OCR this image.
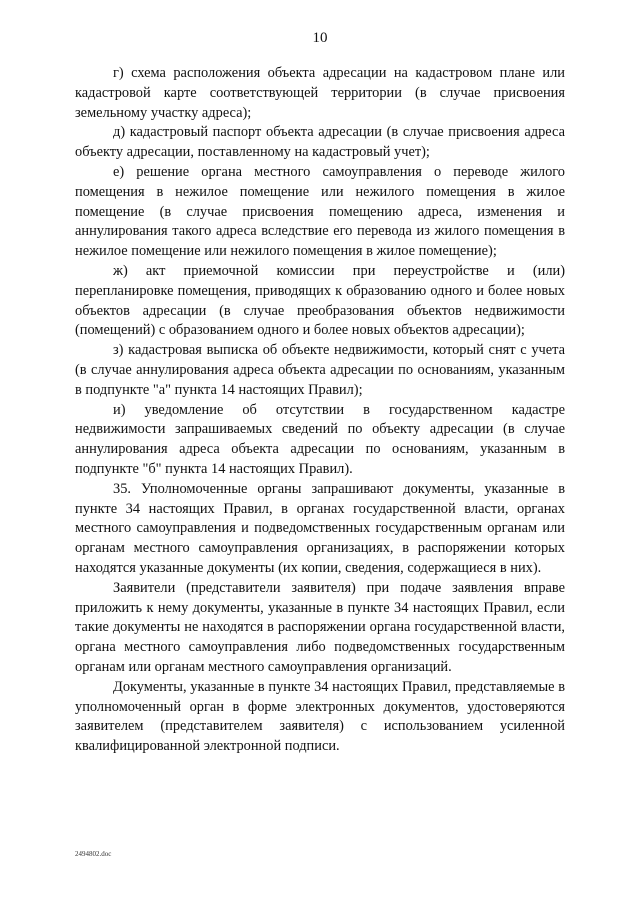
10

г) схема расположения объекта адресации на кадастровом плане или кадастровой карте соответствующей территории (в случае присвоения земельному участку адреса);

д) кадастровый паспорт объекта адресации (в случае присвоения адреса объекту адресации, поставленному на кадастровый учет);

е) решение органа местного самоуправления о переводе жилого помещения в нежилое помещение или нежилого помещения в жилое помещение (в случае присвоения помещению адреса, изменения и аннулирования такого адреса вследствие его перевода из жилого помещения в нежилое помещение или нежилого помещения в жилое помещение);

ж) акт приемочной комиссии при переустройстве и (или) перепланировке помещения, приводящих к образованию одного и более новых объектов адресации (в случае преобразования объектов недвижимости (помещений) с образованием одного и более новых объектов адресации);

з) кадастровая выписка об объекте недвижимости, который снят с учета (в случае аннулирования адреса объекта адресации по основаниям, указанным в подпункте "а" пункта 14 настоящих Правил);

и) уведомление об отсутствии в государственном кадастре недвижимости запрашиваемых сведений по объекту адресации (в случае аннулирования адреса объекта адресации по основаниям, указанным в подпункте "б" пункта 14 настоящих Правил).

35. Уполномоченные органы запрашивают документы, указанные в пункте 34 настоящих Правил, в органах государственной власти, органах местного самоуправления и подведомственных государственным органам или органам местного самоуправления организациях, в распоряжении которых находятся указанные документы (их копии, сведения, содержащиеся в них).

Заявители (представители заявителя) при подаче заявления вправе приложить к нему документы, указанные в пункте 34 настоящих Правил, если такие документы не находятся в распоряжении органа государственной власти, органа местного самоуправления либо подведомственных государственным органам или органам местного самоуправления организаций.

Документы, указанные в пункте 34 настоящих Правил, представляемые в уполномоченный орган в форме электронных документов, удостоверяются заявителем (представителем заявителя) с использованием усиленной квалифицированной электронной подписи.

2494802.doc
